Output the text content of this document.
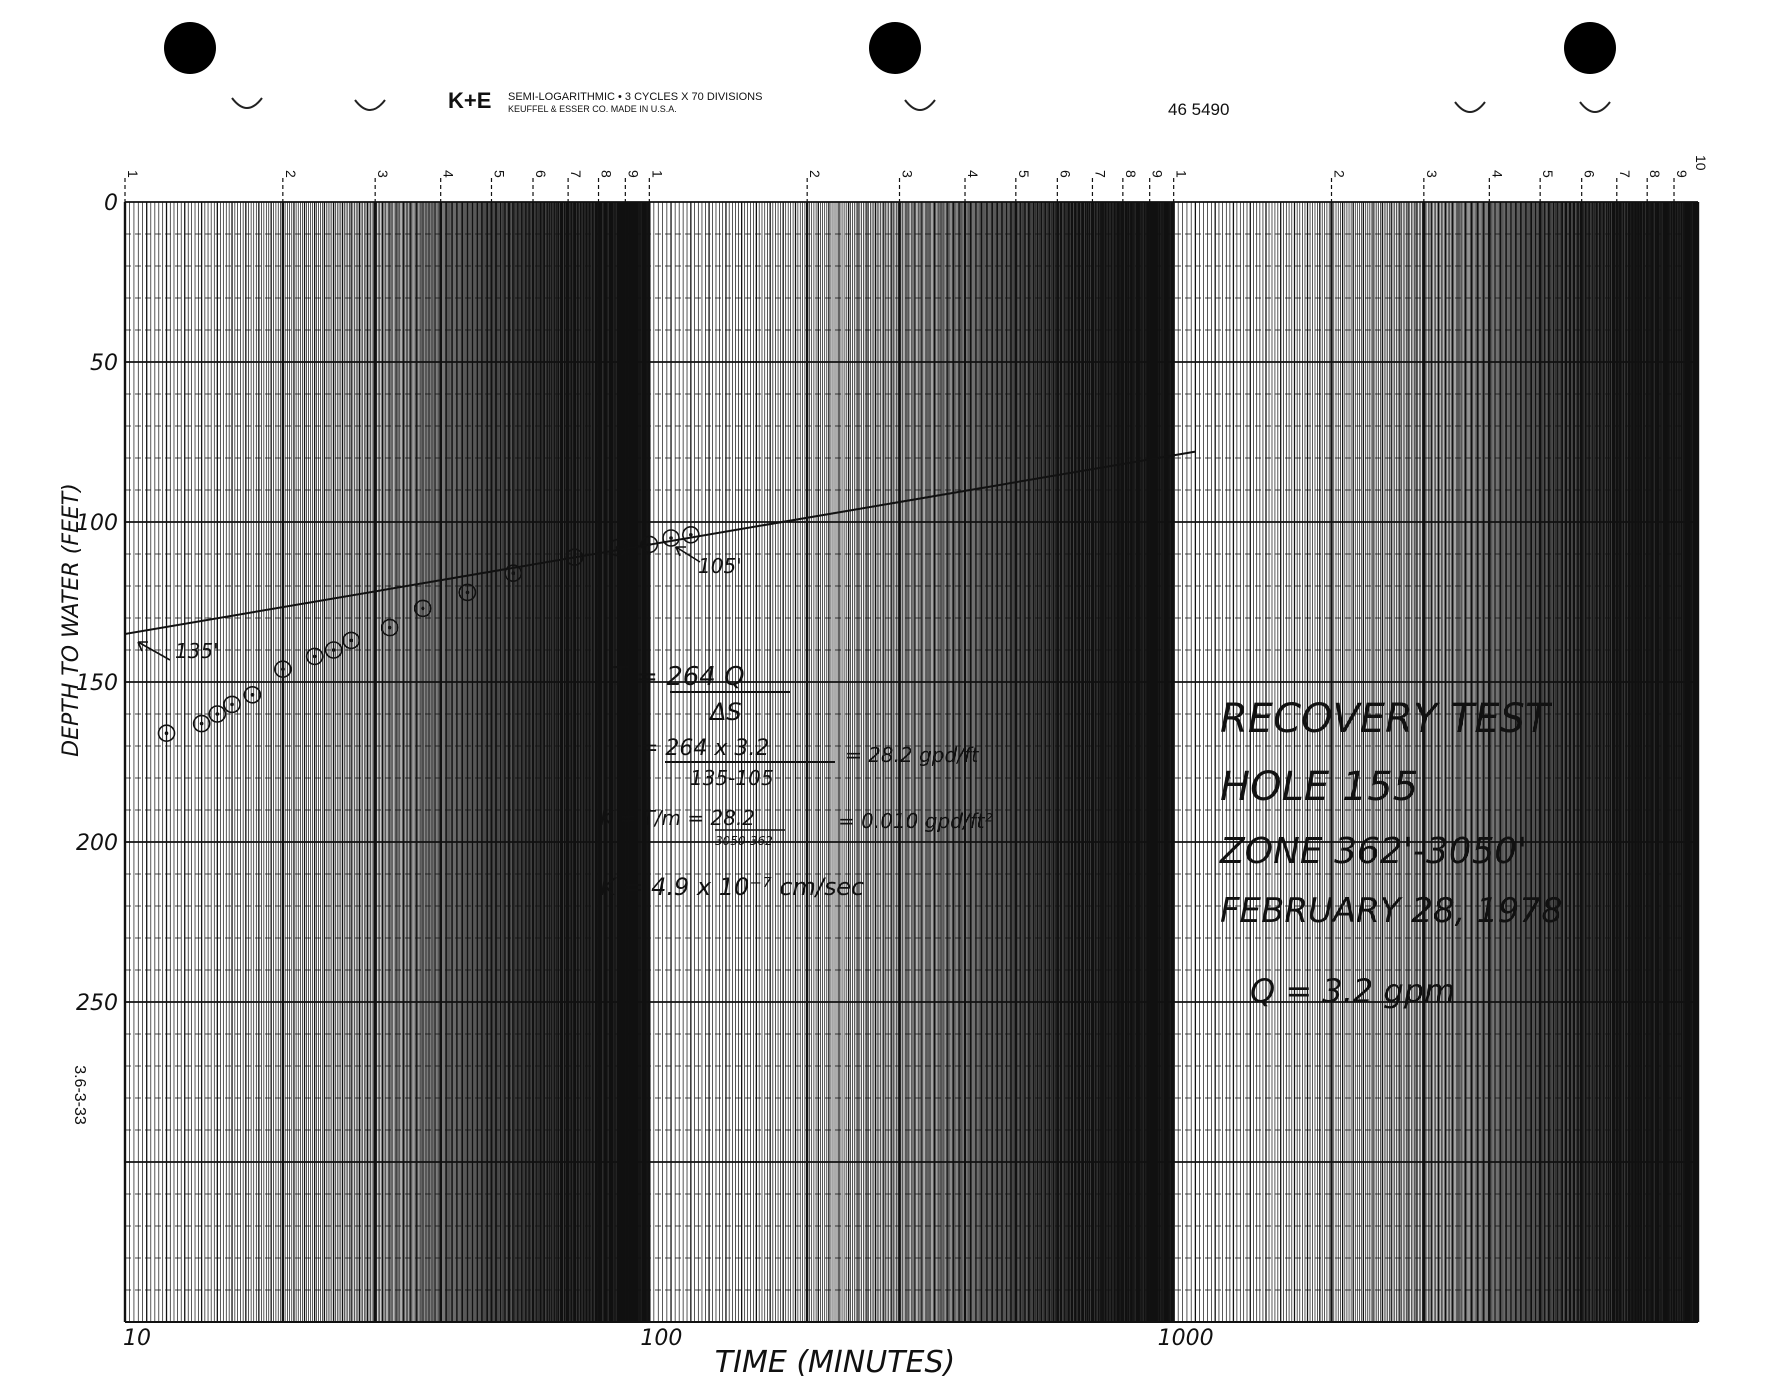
K+E SEMI-LOGARITHMIC • 3 CYCLES X 70 DIVISIONS
KEUFFEL & ESSER CO. MADE IN U.S.A.	46 5490
1	2	3	4 5 6 7 8 9 1	2	3	4 5 6 7 8 9 1	2	3	4 5 6 7 8 9
10
10	100	1000
0
50
100
150
200
250
TIME (MINUTES)
DEPTH TO WATER (FEET)
3.6-3-33
135'
105'
T = 264 Q
ΔS
= 264 x 3.2
135-105
= 28.2 gpd/ft
K = T/m = 28.2
3050-362
= 0.010 gpd/ft²
K = 4.9 x 10⁻⁷ cm/sec
RECOVERY TEST
HOLE 155
ZONE 362'-3050'
FEBRUARY 28, 1978
Q = 3.2 gpm
